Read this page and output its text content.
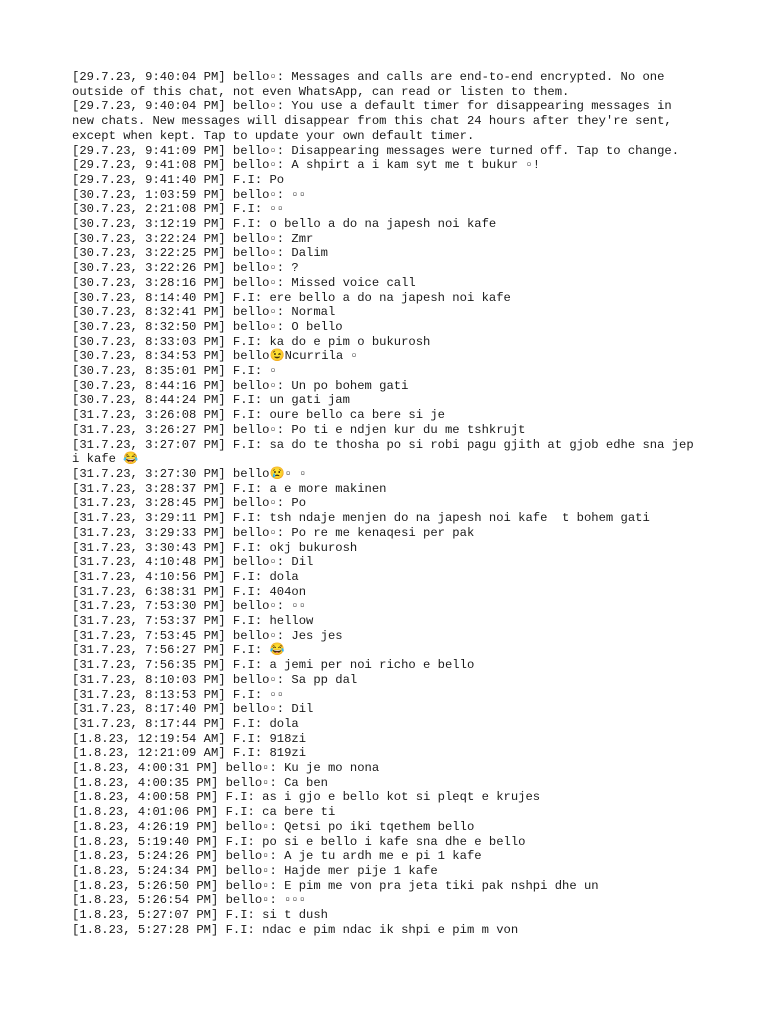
[29.7.23, 9:40:04 PM] bello▫: Messages and calls are end-to-end encrypted. No one outside of this chat, not even WhatsApp, can read or listen to them.
[29.7.23, 9:40:04 PM] bello▫: You use a default timer for disappearing messages in new chats. New messages will disappear from this chat 24 hours after they're sent, except when kept. Tap to update your own default timer.
[29.7.23, 9:41:09 PM] bello▫: Disappearing messages were turned off. Tap to change.
[29.7.23, 9:41:08 PM] bello▫: A shpirt a i kam syt me t bukur ▫!
[29.7.23, 9:41:40 PM] F.I: Po
[30.7.23, 1:03:59 PM] bello▫: ▫▫
[30.7.23, 2:21:08 PM] F.I: ▫▫
[30.7.23, 3:12:19 PM] F.I: o bello a do na japesh noi kafe
[30.7.23, 3:22:24 PM] bello▫: Zmr
[30.7.23, 3:22:25 PM] bello▫: Dalim
[30.7.23, 3:22:26 PM] bello▫: ?
[30.7.23, 3:28:16 PM] bello▫: Missed voice call
[30.7.23, 8:14:40 PM] F.I: ere bello a do na japesh noi kafe
[30.7.23, 8:32:41 PM] bello▫: Normal
[30.7.23, 8:32:50 PM] bello▫: O bello
[30.7.23, 8:33:03 PM] F.I: ka do e pim o bukurosh
[30.7.23, 8:34:53 PM] bello😉Ncurrila ▫
[30.7.23, 8:35:01 PM] F.I: ▫
[30.7.23, 8:44:16 PM] bello▫: Un po bohem gati
[30.7.23, 8:44:24 PM] F.I: un gati jam
[31.7.23, 3:26:08 PM] F.I: oure bello ca bere si je
[31.7.23, 3:26:27 PM] bello▫: Po ti e ndjen kur du me tshkrujt
[31.7.23, 3:27:07 PM] F.I: sa do te thosha po si robi pagu gjith at gjob edhe sna jep i kafe 😂
[31.7.23, 3:27:30 PM] bello😢▫ ▫
[31.7.23, 3:28:37 PM] F.I: a e more makinen
[31.7.23, 3:28:45 PM] bello▫: Po
[31.7.23, 3:29:11 PM] F.I: tsh ndaje menjen do na japesh noi kafe  t bohem gati
[31.7.23, 3:29:33 PM] bello▫: Po re me kenaqesi per pak
[31.7.23, 3:30:43 PM] F.I: okj bukurosh
[31.7.23, 4:10:48 PM] bello▫: Dil
[31.7.23, 4:10:56 PM] F.I: dola
[31.7.23, 6:38:31 PM] F.I: 404on
[31.7.23, 7:53:30 PM] bello▫: ▫▫
[31.7.23, 7:53:37 PM] F.I: hellow
[31.7.23, 7:53:45 PM] bello▫: Jes jes
[31.7.23, 7:56:27 PM] F.I: 😂
[31.7.23, 7:56:35 PM] F.I: a jemi per noi richo e bello
[31.7.23, 8:10:03 PM] bello▫: Sa pp dal
[31.7.23, 8:13:53 PM] F.I: ▫▫
[31.7.23, 8:17:40 PM] bello▫: Dil
[31.7.23, 8:17:44 PM] F.I: dola
[1.8.23, 12:19:54 AM] F.I: 918zi
[1.8.23, 12:21:09 AM] F.I: 819zi
[1.8.23, 4:00:31 PM] bello▫: Ku je mo nona
[1.8.23, 4:00:35 PM] bello▫: Ca ben
[1.8.23, 4:00:58 PM] F.I: as i gjo e bello kot si pleqt e krujes
[1.8.23, 4:01:06 PM] F.I: ca bere ti
[1.8.23, 4:26:19 PM] bello▫: Qetsi po iki tqethem bello
[1.8.23, 5:19:40 PM] F.I: po si e bello i kafe sna dhe e bello
[1.8.23, 5:24:26 PM] bello▫: A je tu ardh me e pi 1 kafe
[1.8.23, 5:24:34 PM] bello▫: Hajde mer pije 1 kafe
[1.8.23, 5:26:50 PM] bello▫: E pim me von pra jeta tiki pak nshpi dhe un
[1.8.23, 5:26:54 PM] bello▫: ▫▫▫
[1.8.23, 5:27:07 PM] F.I: si t dush
[1.8.23, 5:27:28 PM] F.I: ndac e pim ndac ik shpi e pim m von
